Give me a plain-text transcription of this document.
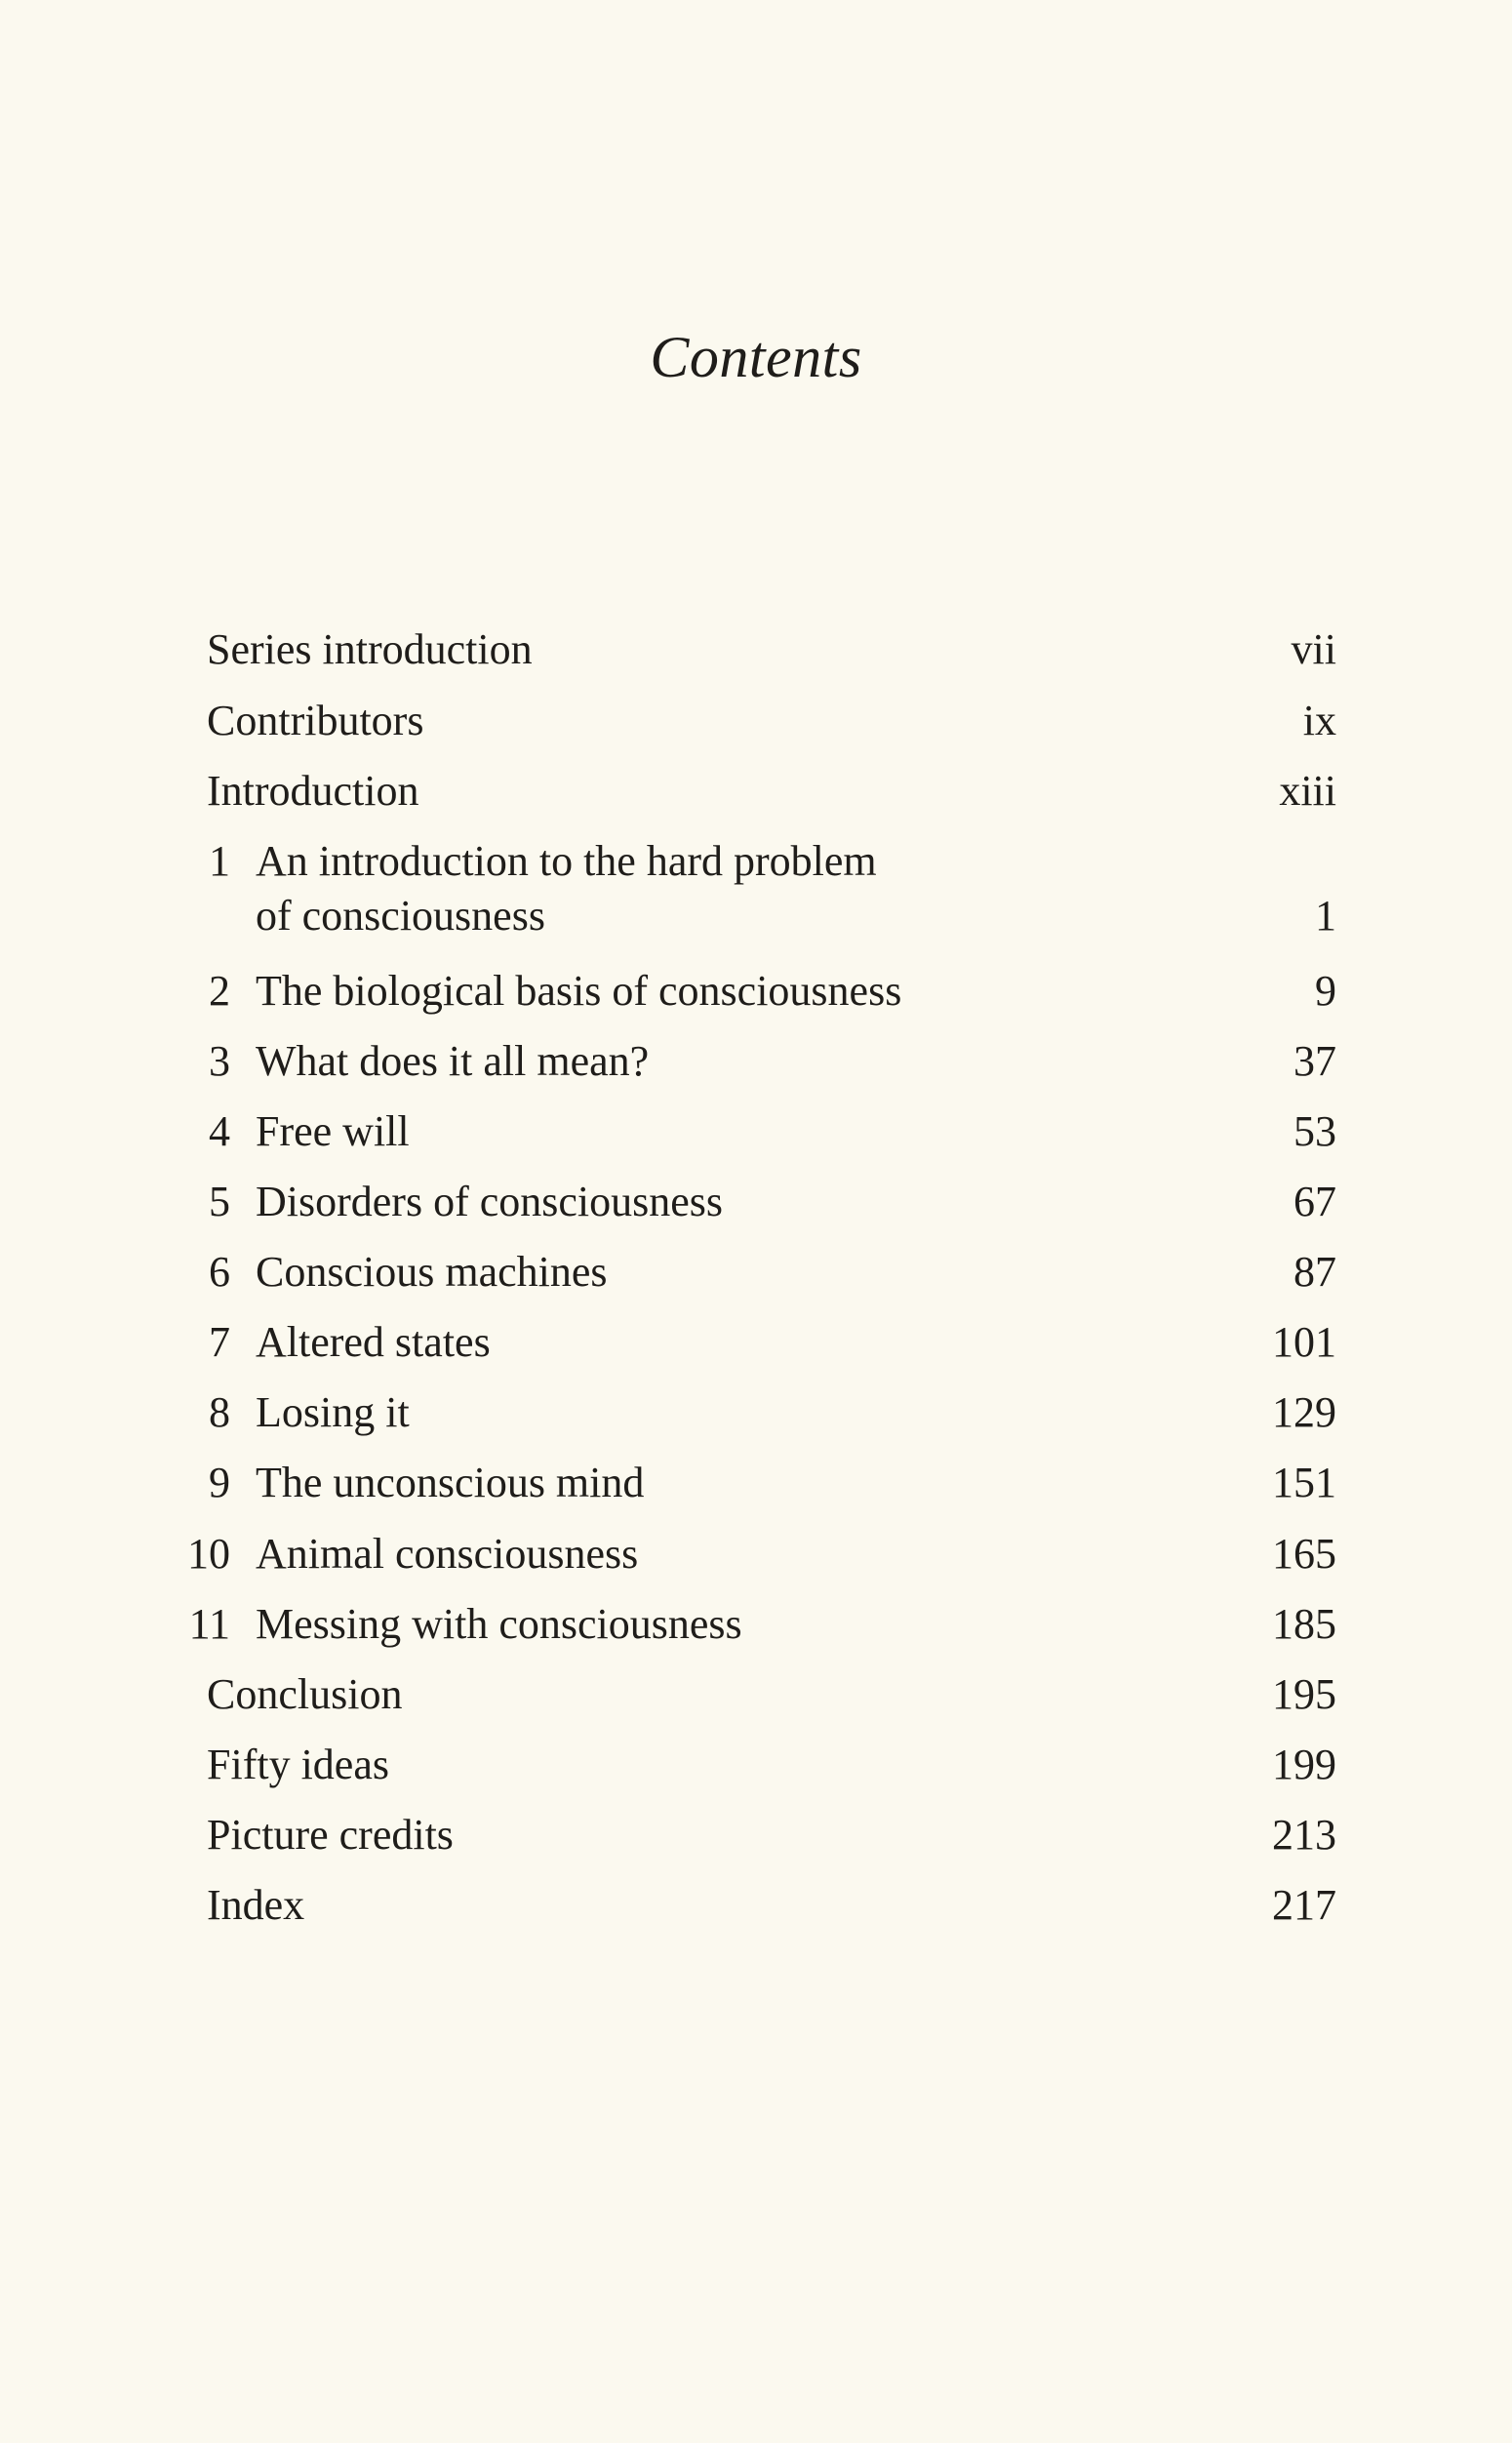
Contents
Series introduction	vii
Contributors	ix
Introduction	xiii
1 An introduction to the hard problem
of consciousness	1
2 The biological basis of consciousness	9
3 What does it all mean?	37
4 Free will	53
5 Disorders of consciousness	67
6 Conscious machines	87
7 Altered states	101
8 Losing it	129
9 The unconscious mind	151
10 Animal consciousness	165
11 Messing with consciousness	185
Conclusion	195
Fifty ideas	199
Picture credits	213
Index	217
